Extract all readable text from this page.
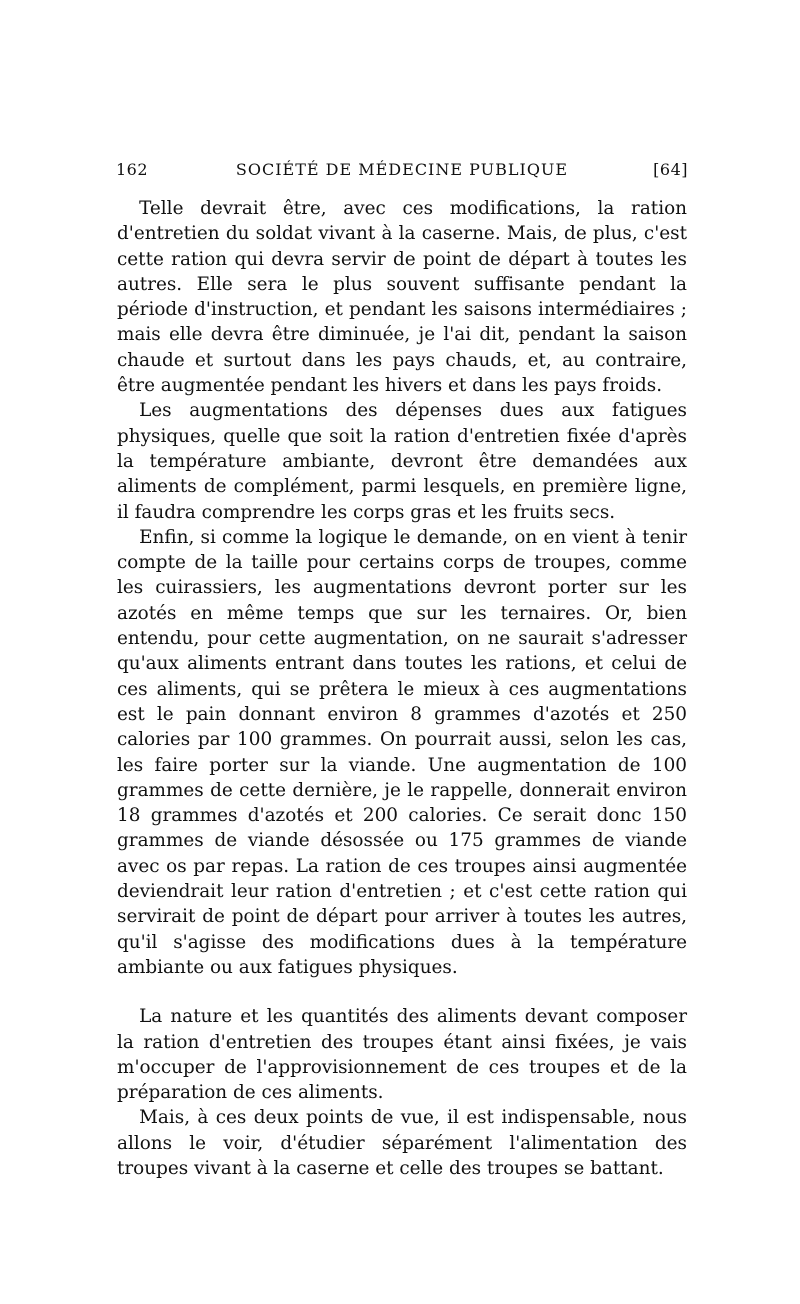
162	SOCIÉTÉ DE MÉDECINE PUBLIQUE	[64]

Telle devrait être, avec ces modifications, la ration d'entretien du soldat vivant à la caserne. Mais, de plus, c'est cette ration qui devra servir de point de départ à toutes les autres. Elle sera le plus souvent suffisante pendant la période d'instruction, et pendant les saisons intermédiaires ; mais elle devra être diminuée, je l'ai dit, pendant la saison chaude et surtout dans les pays chauds, et, au contraire, être augmentée pendant les hivers et dans les pays froids.

Les augmentations des dépenses dues aux fatigues physiques, quelle que soit la ration d'entretien fixée d'après la température ambiante, devront être demandées aux aliments de complément, parmi lesquels, en première ligne, il faudra comprendre les corps gras et les fruits secs.

Enfin, si comme la logique le demande, on en vient à tenir compte de la taille pour certains corps de troupes, comme les cuirassiers, les augmentations devront porter sur les azotés en même temps que sur les ternaires. Or, bien entendu, pour cette augmentation, on ne saurait s'adresser qu'aux aliments entrant dans toutes les rations, et celui de ces aliments, qui se prêtera le mieux à ces augmentations est le pain donnant environ 8 grammes d'azotés et 250 calories par 100 grammes. On pourrait aussi, selon les cas, les faire porter sur la viande. Une augmentation de 100 grammes de cette dernière, je le rappelle, donnerait environ 18 grammes d'azotés et 200 calories. Ce serait donc 150 grammes de viande désossée ou 175 grammes de viande avec os par repas. La ration de ces troupes ainsi augmentée deviendrait leur ration d'entretien ; et c'est cette ration qui servirait de point de départ pour arriver à toutes les autres, qu'il s'agisse des modifications dues à la température ambiante ou aux fatigues physiques.

La nature et les quantités des aliments devant composer la ration d'entretien des troupes étant ainsi fixées, je vais m'occuper de l'approvisionnement de ces troupes et de la préparation de ces aliments.

Mais, à ces deux points de vue, il est indispensable, nous allons le voir, d'étudier séparément l'alimentation des troupes vivant à la caserne et celle des troupes se battant.
